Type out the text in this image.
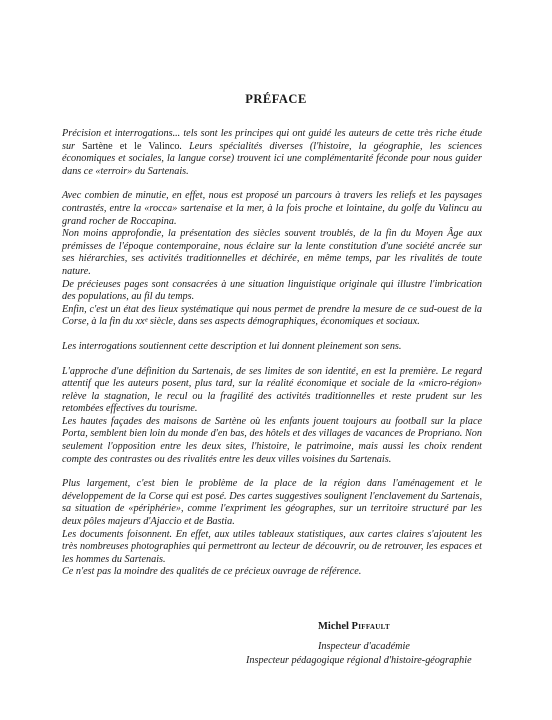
PRÉFACE

Précision et interrogations... tels sont les principes qui ont guidé les auteurs de cette très riche étude sur Sartène et le Valinco. Leurs spécialités diverses (l'histoire, la géographie, les sciences économiques et sociales, la langue corse) trouvent ici une complémentarité féconde pour nous guider dans ce «terroir» du Sartenais.

Avec combien de minutie, en effet, nous est proposé un parcours à travers les reliefs et les paysages contrastés, entre la «rocca» sartenaise et la mer, à la fois proche et lointaine, du golfe du Valincu au grand rocher de Roccapina.

Non moins approfondie, la présentation des siècles souvent troublés, de la fin du Moyen Âge aux prémisses de l'époque contemporaine, nous éclaire sur la lente constitution d'une société ancrée sur ses hiérarchies, ses activités traditionnelles et déchirée, en même temps, par les rivalités de toute nature.

De précieuses pages sont consacrées à une situation linguistique originale qui illustre l'imbrication des populations, au fil du temps.

Enfin, c'est un état des lieux systématique qui nous permet de prendre la mesure de ce sud-ouest de la Corse, à la fin du xxᵉ siècle, dans ses aspects démographiques, économiques et sociaux.

Les interrogations soutiennent cette description et lui donnent pleinement son sens.

L'approche d'une définition du Sartenais, de ses limites de son identité, en est la première. Le regard attentif que les auteurs posent, plus tard, sur la réalité économique et sociale de la «micro-région» relève la stagnation, le recul ou la fragilité des activités traditionnelles et reste prudent sur les retombées effectives du tourisme.

Les hautes façades des maisons de Sartène où les enfants jouent toujours au football sur la place Porta, semblent bien loin du monde d'en bas, des hôtels et des villages de vacances de Propriano. Non seulement l'opposition entre les deux sites, l'histoire, le patrimoine, mais aussi les choix rendent compte des contrastes ou des rivalités entre les deux villes voisines du Sartenais.

Plus largement, c'est bien le problème de la place de la région dans l'aménagement et le développement de la Corse qui est posé. Des cartes suggestives soulignent l'enclavement du Sartenais, sa situation de «périphérie», comme l'expriment les géographes, sur un territoire structuré par les deux pôles majeurs d'Ajaccio et de Bastia.

Les documents foisonnent. En effet, aux utiles tableaux statistiques, aux cartes claires s'ajoutent les très nombreuses photographies qui permettront au lecteur de découvrir, ou de retrouver, les espaces et les hommes du Sartenais.

Ce n'est pas la moindre des qualités de ce précieux ouvrage de référence.

Michel Piffault
Inspecteur d'académie
Inspecteur pédagogique régional d'histoire-géographie
